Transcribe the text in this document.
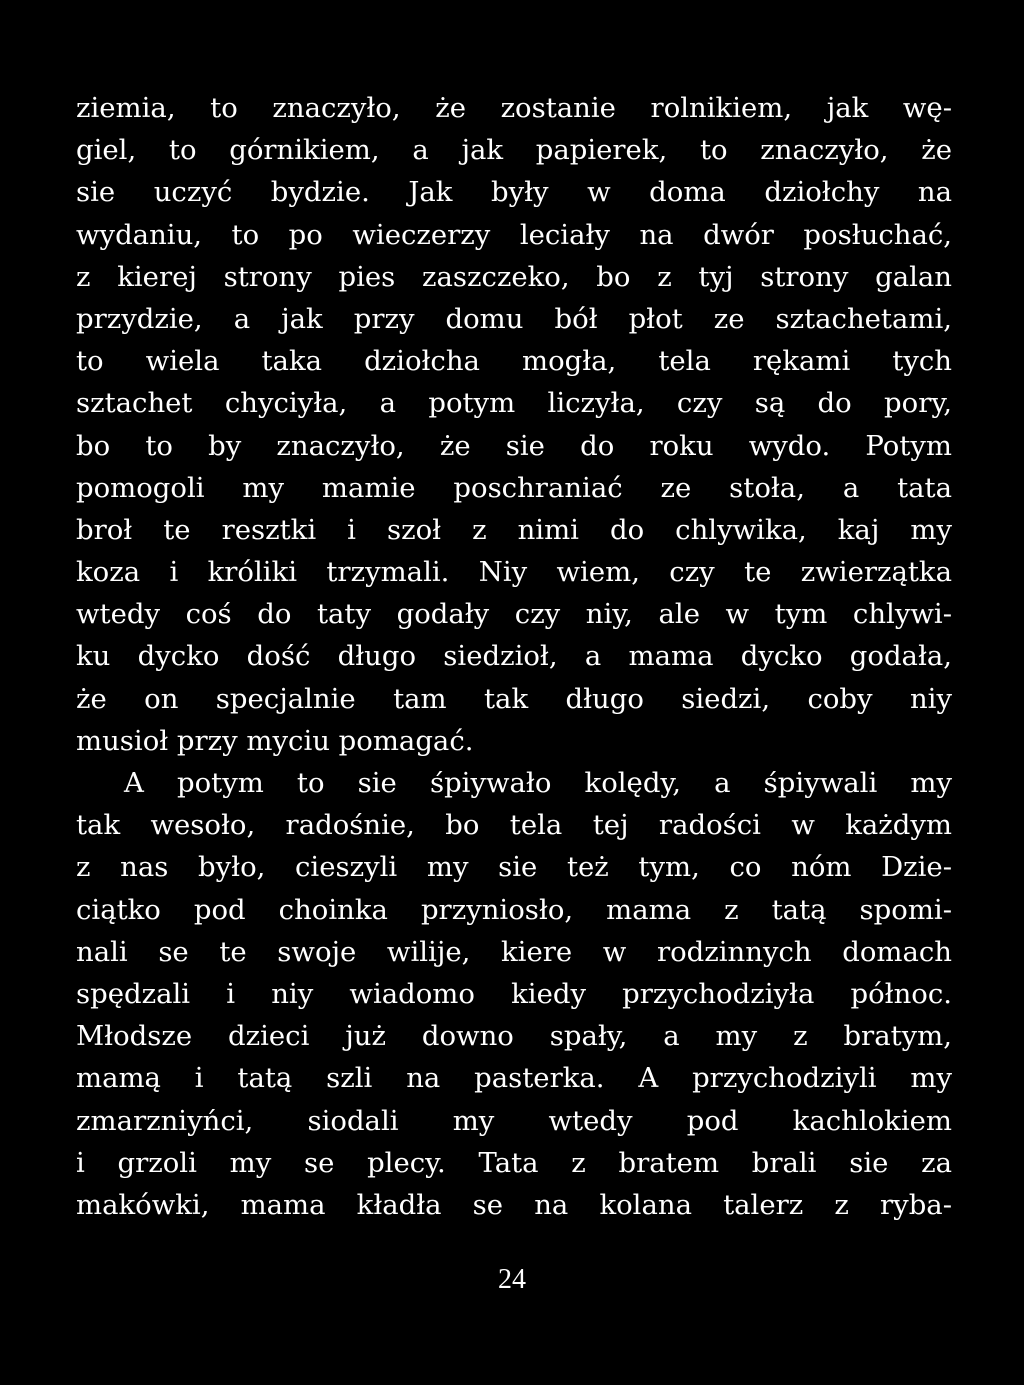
ziemia, to znaczyło, że zostanie rolnikiem, jak wę-
giel, to górnikiem, a jak papierek, to znaczyło, że
sie uczyć bydzie. Jak były w doma dziołchy na
wydaniu, to po wieczerzy leciały na dwór posłuchać,
z kierej strony pies zaszczeko, bo z tyj strony galan
przydzie, a jak przy domu bół płot ze sztachetami,
to wiela taka dziołcha mogła, tela rękami tych
sztachet chyciyła, a potym liczyła, czy są do pory,
bo to by znaczyło, że sie do roku wydo. Potym
pomogoli my mamie poschraniać ze stoła, a tata
broł te resztki i szoł z nimi do chlywika, kaj my
koza i króliki trzymali. Niy wiem, czy te zwierzątka
wtedy coś do taty godały czy niy, ale w tym chlywi-
ku dycko dość długo siedzioł, a mama dycko godała,
że on specjalnie tam tak długo siedzi, coby niy
musioł przy myciu pomagać.
A potym to sie śpiywało kolędy, a śpiywali my
tak wesoło, radośnie, bo tela tej radości w każdym
z nas było, cieszyli my sie też tym, co nóm Dzie-
ciątko pod choinka przyniosło, mama z tatą spomi-
nali se te swoje wilije, kiere w rodzinnych domach
spędzali i niy wiadomo kiedy przychodziyła północ.
Młodsze dzieci już downo spały, a my z bratym,
mamą i tatą szli na pasterka. A przychodziyli my
zmarzniyńci, siodali my wtedy pod kachlokiem
i grzoli my se plecy. Tata z bratem brali sie za
makówki, mama kładła se na kolana talerz z ryba-
24
